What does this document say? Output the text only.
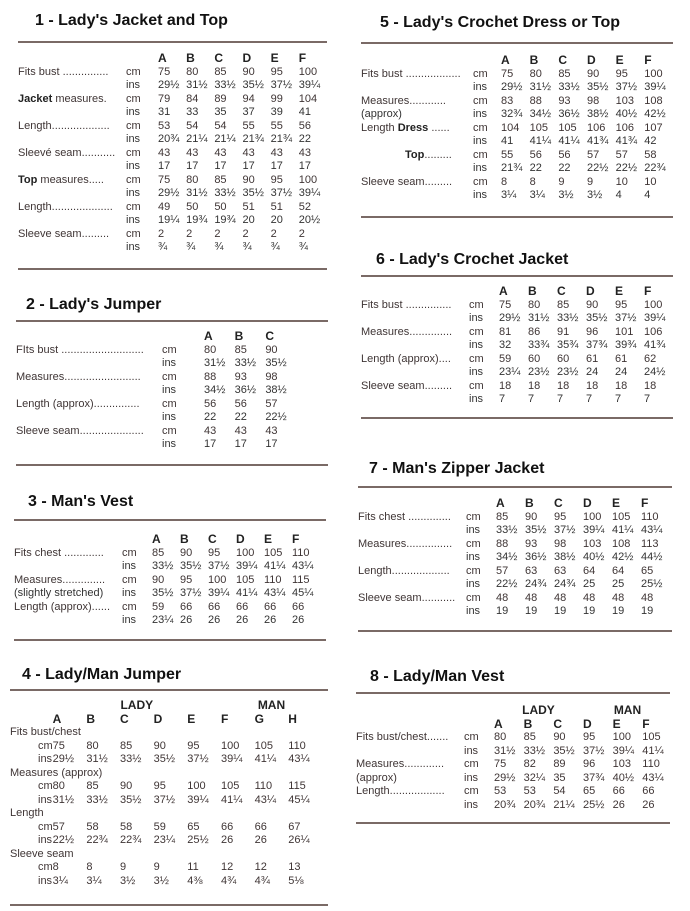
1 - Lady's Jacket and Top
		A	B	C	D	E	F
Fits bust ...............	cm	75	80	85	90	95	100
	ins	29½	31½	33½	35½	37½	39¼
Jacket measures.	cm	79	84	89	94	99	104
	ins	31	33	35	37	39	41
Length...................	cm	53	54	54	55	55	56
	ins	20¾	21¼	21¼	21¾	21¾	22
Sleevé seam...........	cm	43	43	43	43	43	43
	ins	17	17	17	17	17	17
Top measures.....	cm	75	80	85	90	95	100
	ins	29½	31½	33½	35½	37½	39¼
Length....................	cm	49	50	50	51	51	52
	ins	19¼	19¾	19¾	20	20	20½
Sleeve seam.........	cm	2	2	2	2	2	2
	ins	¾	¾	¾	¾	¾	¾
2 - Lady's Jumper
		A	B	C
FIts bust ...........................	cm	80	85	90
	ins	31½	33½	35½
Measures.........................	cm	88	93	98
	ins	34½	36½	38½
Length (approx)...............	cm	56	56	57
	ins	22	22	22½
Sleeve seam.....................	cm	43	43	43
	ins	17	17	17
3 - Man's Vest
		A	B	C	D	E	F
Fits chest .............	cm	85	90	95	100	105	110
	ins	33½	35½	37½	39¼	41¼	43¼
Measures..............	cm	90	95	100	105	110	115
(slightly stretched)	ins	35½	37½	39¼	41¼	43¼	45¼
Length (approx)......	cm	59	66	66	66	66	66
	ins	23¼	26	26	26	26	26
4 - Lady/Man Jumper
	LADY					MAN		
	A	B	C	D	E	F	G	H
Fits bust/chest								
cm	75	80	85	90	95	100	105	110
ins	29½	31½	33½	35½	37½	39¼	41¼	43¼
Measures (approx)								
cm	80	85	90	95	100	105	110	115
ins	31½	33½	35½	37½	39¼	41¼	43¼	45¼
Length								
cm	57	58	58	59	65	66	66	67
ins	22½	22¾	22¾	23¼	25½	26	26	26¼
Sleeve seam								
cm	8	8	9	9	11	12	12	13
ins	3¼	3¼	3½	3½	4⅜	4¾	4¾	5⅛
5 - Lady's Crochet Dress or Top
		A	B	C	D	E	F
Fits bust ..................	cm	75	80	85	90	95	100
	ins	29½	31½	33½	35½	37½	39¼
Measures............	cm	83	88	93	98	103	108
(approx)	ins	32¾	34½	36½	38½	40½	42½
Length Dress ......	cm	104	105	105	106	106	107
	ins	41	41¼	41¼	41¾	41¾	42
Top.........	cm	55	56	56	57	57	58
	ins	21¾	22	22	22½	22½	22¾
Sleeve seam.........	cm	8	8	9	9	10	10
	ins	3¼	3¼	3½	3½	4	4
6 - Lady's Crochet Jacket
		A	B	C	D	E	F
Fits bust ...............	cm	75	80	85	90	95	100
	ins	29½	31½	33½	35½	37½	39¼
Measures..............	cm	81	86	91	96	101	106
	ins	32	33¾	35¾	37¾	39¾	41¾
Length (approx)....	cm	59	60	60	61	61	62
	ins	23¼	23½	23½	24	24	24½
Sleeve seam.........	cm	18	18	18	18	18	18
	ins	7	7	7	7	7	7
7 - Man's Zipper Jacket
		A	B	C	D	E	F
Fits chest ..............	cm	85	90	95	100	105	110
	ins	33½	35½	37½	39¼	41¼	43¼
Measures...............	cm	88	93	98	103	108	113
	ins	34½	36½	38½	40½	42½	44½
Length...................	cm	57	63	63	64	64	65
	ins	22½	24¾	24¾	25	25	25½
Sleeve seam...........	cm	48	48	48	48	48	48
	ins	19	19	19	19	19	19
8 - Lady/Man Vest
		LADY			MAN		
		A	B	C	D	E	F
Fits bust/chest.......	cm	80	85	90	95	100	105
	ins	31½	33½	35½	37½	39¼	41¼
Measures.............	cm	75	82	89	96	103	110
(approx)	ins	29½	32¼	35	37¾	40½	43¼
Length..................	cm	53	53	54	65	66	66
	ins	20¾	20¾	21¼	25½	26	26
